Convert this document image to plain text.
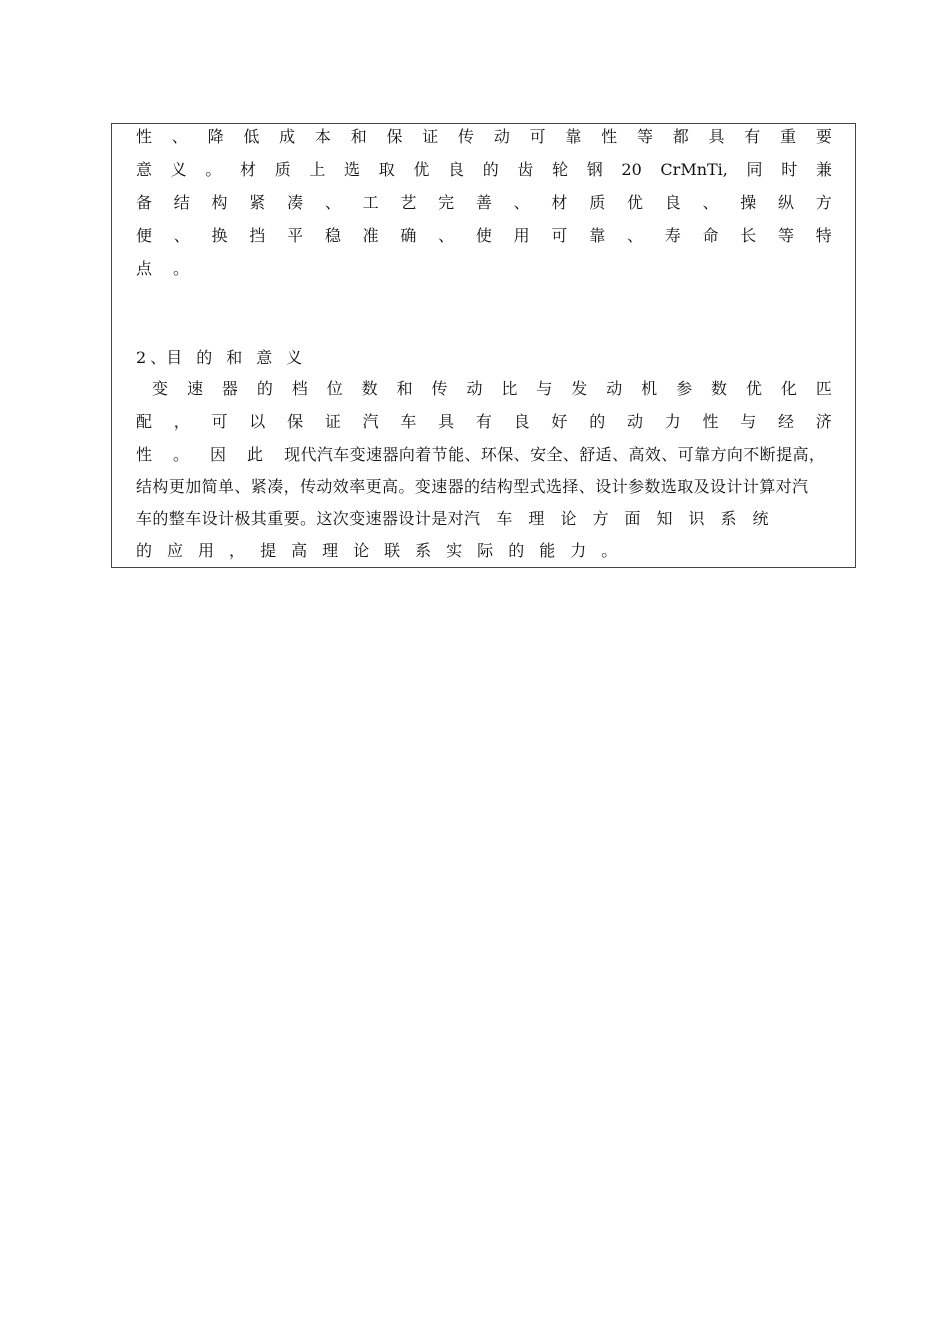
性 、 降 低 成 本 和 保 证 传 动 可 靠 性 等 都 具 有 重 要
意 义 。 材 质 上 选 取 优 良 的 齿 轮 钢 20 CrMnTi, 同 时 兼
备 结 构 紧 凑 、 工 艺 完 善 、 材 质 优 良 、 操 纵 方
便 、 换 挡 平 稳 准 确 、 使 用 可 靠 、 寿 命 长 等 特
点 。
2 、目 的 和 意 义
变 速 器 的 档 位 数 和 传 动 比 与 发 动 机 参 数 优 化 匹
配 ， 可 以 保 证 汽 车 具 有 良 好 的 动 力 性 与 经 济
性 。 因 此 现代汽车变速器向着节能、环保、安全、舒适、高效、可靠方向不断提高，
结构更加简单、紧凑，传动效率更高。变速器的结构型式选择、设计参数选取及设计计算对汽
车的整车设计极其重要。这次变速器设计是对汽 车 理 论 方 面 知 识 系 统
的 应 用 ， 提 高 理 论 联 系 实 际 的 能 力 。
